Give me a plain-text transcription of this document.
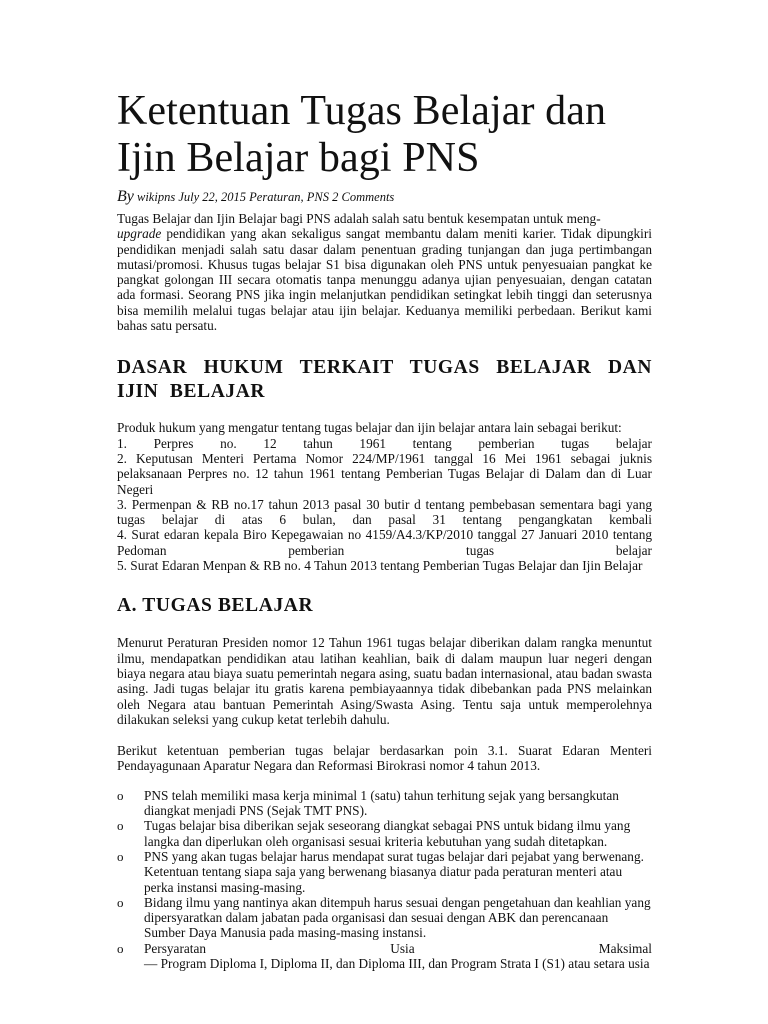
Ketentuan Tugas Belajar dan
Ijin Belajar bagi PNS
By wikipns July 22, 2015 Peraturan, PNS 2 Comments

Tugas Belajar dan Ijin Belajar bagi PNS adalah salah satu bentuk kesempatan untuk meng-
upgrade pendidikan yang akan sekaligus sangat membantu dalam meniti karier. Tidak dipungkiri pendidikan menjadi salah satu dasar dalam penentuan grading tunjangan dan juga pertimbangan mutasi/promosi. Khusus tugas belajar S1 bisa digunakan oleh PNS untuk penyesuaian pangkat ke pangkat golongan III secara otomatis tanpa menunggu adanya ujian penyesuaian, dengan catatan ada formasi. Seorang PNS jika ingin melanjutkan pendidikan setingkat lebih tinggi dan seterusnya bisa memilih melalui tugas belajar atau ijin belajar. Keduanya memiliki perbedaan. Berikut kami bahas satu persatu.

DASAR HUKUM TERKAIT TUGAS BELAJAR DAN IJIN BELAJAR

Produk hukum yang mengatur tentang tugas belajar dan ijin belajar antara lain sebagai berikut:

1. Perpres no. 12 tahun 1961 tentang pemberian tugas belajar

2. Keputusan Menteri Pertama Nomor 224/MP/1961 tanggal 16 Mei 1961 sebagai juknis pelaksanaan Perpres no. 12 tahun 1961 tentang Pemberian Tugas Belajar di Dalam dan di Luar Negeri

3. Permenpan & RB no.17 tahun 2013 pasal 30 butir d tentang pembebasan sementara bagi yang tugas belajar di atas 6 bulan, dan pasal 31 tentang pengangkatan kembali

4. Surat edaran kepala Biro Kepegawaian no 4159/A4.3/KP/2010 tanggal 27 Januari 2010 tentang Pedoman pemberian tugas belajar

5. Surat Edaran Menpan & RB no. 4 Tahun 2013 tentang Pemberian Tugas Belajar dan Ijin Belajar

A. TUGAS BELAJAR

Menurut Peraturan Presiden nomor 12 Tahun 1961 tugas belajar diberikan dalam rangka menuntut ilmu, mendapatkan pendidikan atau latihan keahlian, baik di dalam maupun luar negeri dengan biaya negara atau biaya suatu pemerintah negara asing, suatu badan internasional, atau badan swasta asing. Jadi tugas belajar itu gratis karena pembiayaannya tidak dibebankan pada PNS melainkan oleh Negara atau bantuan Pemerintah Asing/Swasta Asing. Tentu saja untuk memperolehnya dilakukan seleksi yang cukup ketat terlebih dahulu.

Berikut ketentuan pemberian tugas belajar berdasarkan poin 3.1. Suarat Edaran Menteri Pendayagunaan Aparatur Negara dan Reformasi Birokrasi nomor 4 tahun 2013.

o PNS telah memiliki masa kerja minimal 1 (satu) tahun terhitung sejak yang bersangkutan diangkat menjadi PNS (Sejak TMT PNS).
o Tugas belajar bisa diberikan sejak seseorang diangkat sebagai PNS untuk bidang ilmu yang langka dan diperlukan oleh organisasi sesuai kriteria kebutuhan yang sudah ditetapkan.
o PNS yang akan tugas belajar harus mendapat surat tugas belajar dari pejabat yang berwenang. Ketentuan tentang siapa saja yang berwenang biasanya diatur pada peraturan menteri atau perka instansi masing-masing.
o Bidang ilmu yang nantinya akan ditempuh harus sesuai dengan pengetahuan dan keahlian yang dipersyaratkan dalam jabatan pada organisasi dan sesuai dengan ABK dan perencanaan Sumber Daya Manusia pada masing-masing instansi.
o Persyaratan Usia Maksimal
— Program Diploma I, Diploma II, dan Diploma III, dan Program Strata I (S1) atau setara usia
